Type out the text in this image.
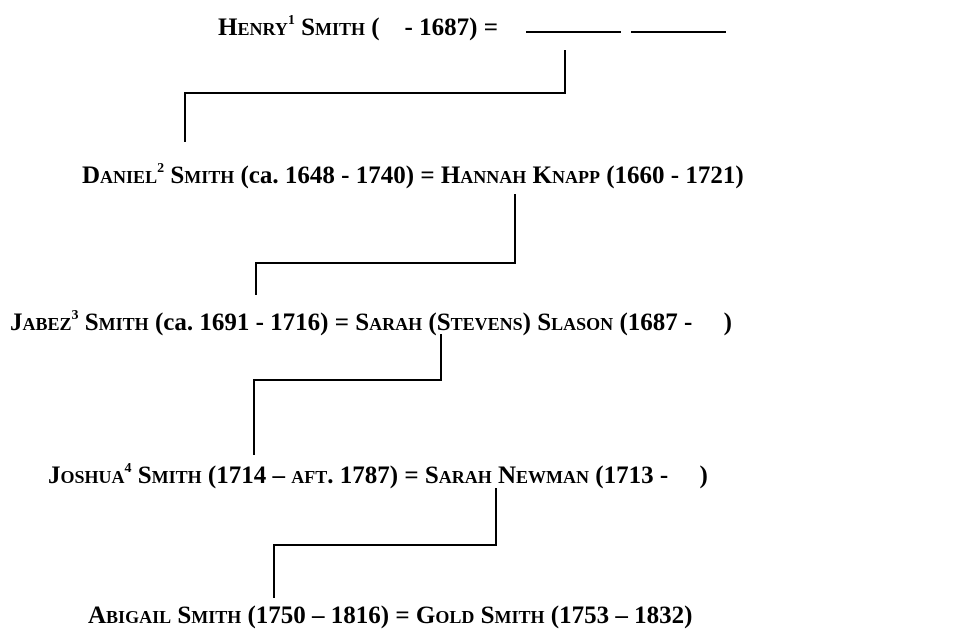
Henry$^1$ Smith (    - 1687) =
Daniel$^2$ Smith (ca. 1648 - 1740) = Hannah Knapp (1660 - 1721)
Jabez$^3$ Smith (ca. 1691 - 1716) = Sarah (Stevens) Slason (1687 -     )
Joshua$^4$ Smith (1714 – aft. 1787) = Sarah Newman (1713 -     )
Abigail Smith (1750 – 1816) = Gold Smith (1753 – 1832)
